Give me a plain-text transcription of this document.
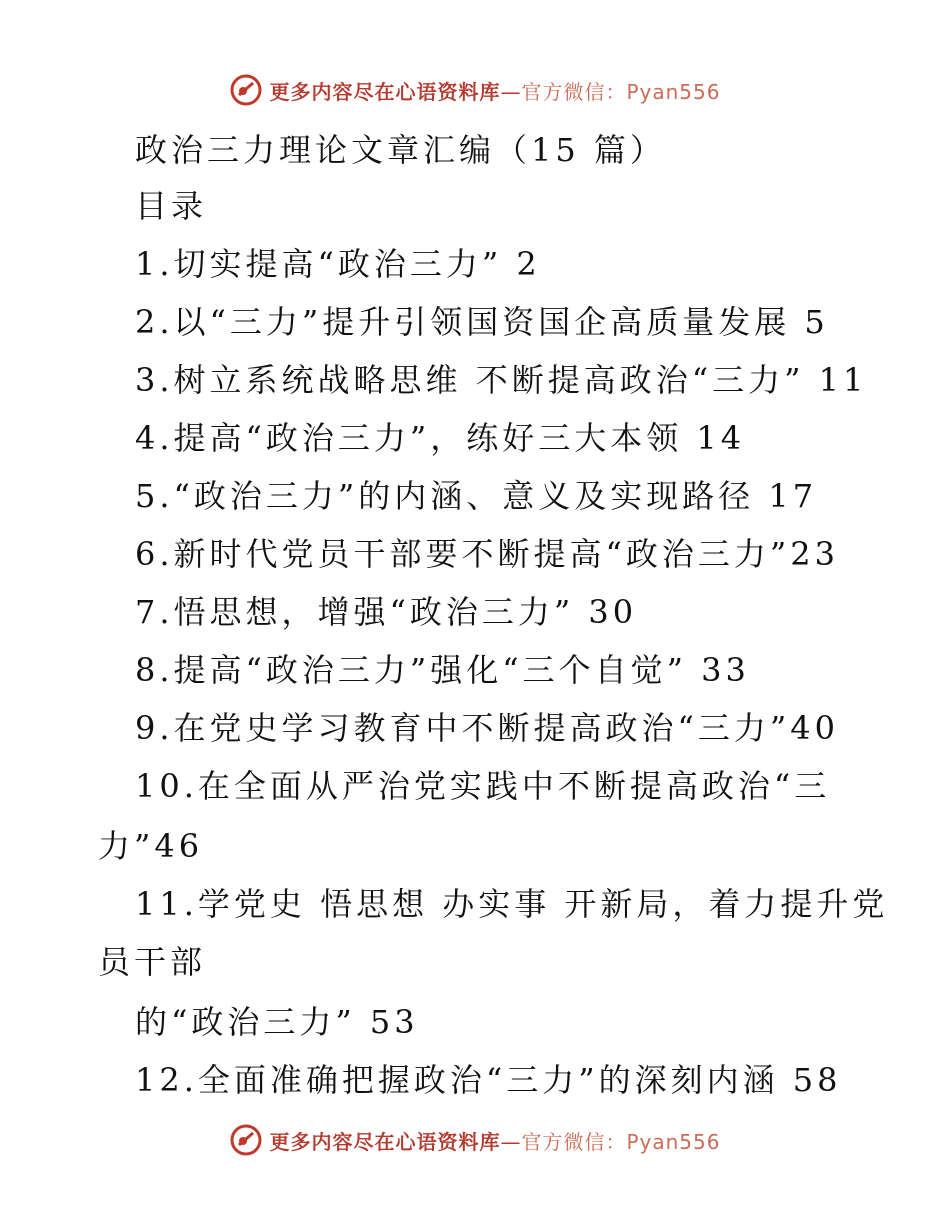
更多内容尽在心语资料库—官方微信：Pyan556
政治三力理论文章汇编（15 篇）
目录
1.切实提高“政治三力” 2
2.以“三力”提升引领国资国企高质量发展 5
3.树立系统战略思维 不断提高政治“三力” 11
4.提高“政治三力”，练好三大本领 14
5.“政治三力”的内涵、意义及实现路径 17
6.新时代党员干部要不断提高“政治三力”23
7.悟思想，增强“政治三力” 30
8.提高“政治三力”强化“三个自觉” 33
9.在党史学习教育中不断提高政治“三力”40
10.在全面从严治党实践中不断提高政治“三
力”46
11.学党史 悟思想 办实事 开新局，着力提升党
员干部
的“政治三力” 53
12.全面准确把握政治“三力”的深刻内涵 58
更多内容尽在心语资料库—官方微信：Pyan556
